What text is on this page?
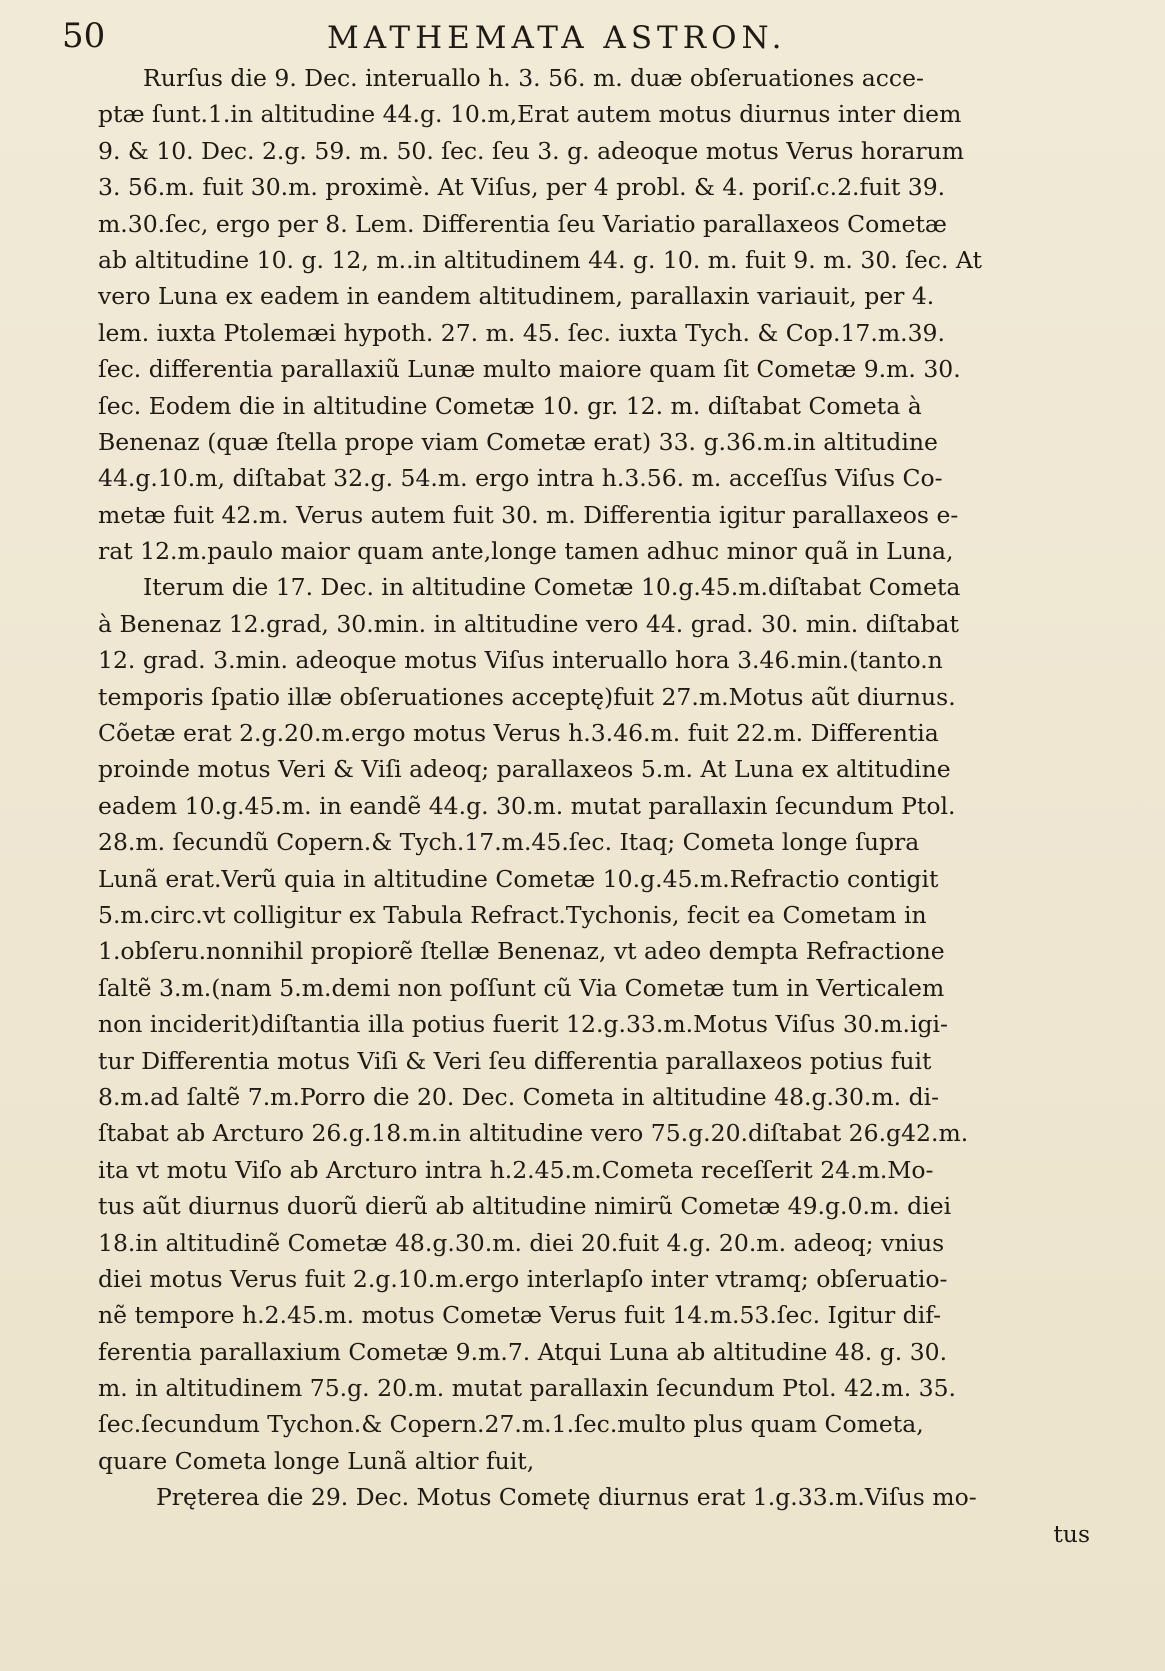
50	MATHEMATA ASTRON.
Rurſus die 9. Dec. interuallo h. 3. 56. m. duæ obſeruationes acce-
ptæ ſunt.1.in altitudine 44.g. 10.m,Erat autem motus diurnus inter diem
9. & 10. Dec. 2.g. 59. m. 50. ſec. ſeu 3. g. adeoque motus Verus horarum
3. 56.m. fuit 30.m. proximè. At Viſus, per 4 probl. & 4. poriſ.c.2.fuit 39.
m.30.ſec, ergo per 8. Lem. Differentia ſeu Variatio parallaxeos Cometæ
ab altitudine 10. g. 12, m..in altitudinem 44. g. 10. m. fuit 9. m. 30. ſec. At
vero Luna ex eadem in eandem altitudinem, parallaxin variauit, per 4.
lem. iuxta Ptolemæi hypoth. 27. m. 45. ſec. iuxta Tych. & Cop.17.m.39.
ſec. differentia parallaxiũ Lunæ multo maiore quam ſit Cometæ 9.m. 30.
ſec. Eodem die in altitudine Cometæ 10. gr. 12. m. diſtabat Cometa à
Benenaz (quæ ſtella prope viam Cometæ erat) 33. g.36.m.in altitudine
44.g.10.m, diſtabat 32.g. 54.m. ergo intra h.3.56. m. acceſſus Viſus Co-
metæ fuit 42.m. Verus autem fuit 30. m. Differentia igitur parallaxeos e-
rat 12.m.paulo maior quam ante,longe tamen adhuc minor quã in Luna,
Iterum die 17. Dec. in altitudine Cometæ 10.g.45.m.diſtabat Cometa
à Benenaz 12.grad, 30.min. in altitudine vero 44. grad. 30. min. diſtabat
12. grad. 3.min. adeoque motus Viſus interuallo hora 3.46.min.(tanto.n
temporis ſpatio illæ obſeruationes acceptę)fuit 27.m.Motus aũt diurnus.
Cõetæ erat 2.g.20.m.ergo motus Verus h.3.46.m. fuit 22.m. Differentia
proinde motus Veri & Viſi adeoq; parallaxeos 5.m. At Luna ex altitudine
eadem 10.g.45.m. in eandẽ 44.g. 30.m. mutat parallaxin ſecundum Ptol.
28.m. ſecundũ Copern.& Tych.17.m.45.ſec. Itaq; Cometa longe ſupra
Lunã erat.Verũ quia in altitudine Cometæ 10.g.45.m.Refractio contigit
5.m.circ.vt colligitur ex Tabula Refract.Tychonis, fecit ea Cometam in
1.obſeru.nonnihil propiorẽ ſtellæ Benenaz, vt adeo dempta Refractione
ſaltẽ 3.m.(nam 5.m.demi non poſſunt cũ Via Cometæ tum in Verticalem
non inciderit)diſtantia illa potius fuerit 12.g.33.m.Motus Viſus 30.m.igi-
tur Differentia motus Viſi & Veri ſeu differentia parallaxeos potius fuit
8.m.ad ſaltẽ 7.m.Porro die 20. Dec. Cometa in altitudine 48.g.30.m. di-
ſtabat ab Arcturo 26.g.18.m.in altitudine vero 75.g.20.diſtabat 26.g42.m.
ita vt motu Viſo ab Arcturo intra h.2.45.m.Cometa receſſerit 24.m.Mo-
tus aũt diurnus duorũ dierũ ab altitudine nimirũ Cometæ 49.g.0.m. diei
18.in altitudinẽ Cometæ 48.g.30.m. diei 20.fuit 4.g. 20.m. adeoq; vnius
diei motus Verus fuit 2.g.10.m.ergo interlapſo inter vtramq; obſeruatio-
nẽ tempore h.2.45.m. motus Cometæ Verus fuit 14.m.53.ſec. Igitur dif-
ferentia parallaxium Cometæ 9.m.7. Atqui Luna ab altitudine 48. g. 30.
m. in altitudinem 75.g. 20.m. mutat parallaxin ſecundum Ptol. 42.m. 35.
ſec.ſecundum Tychon.& Copern.27.m.1.ſec.multo plus quam Cometa,
quare Cometa longe Lunã altior fuit,
Pręterea die 29. Dec. Motus Cometę diurnus erat 1.g.33.m.Viſus mo-
tus
